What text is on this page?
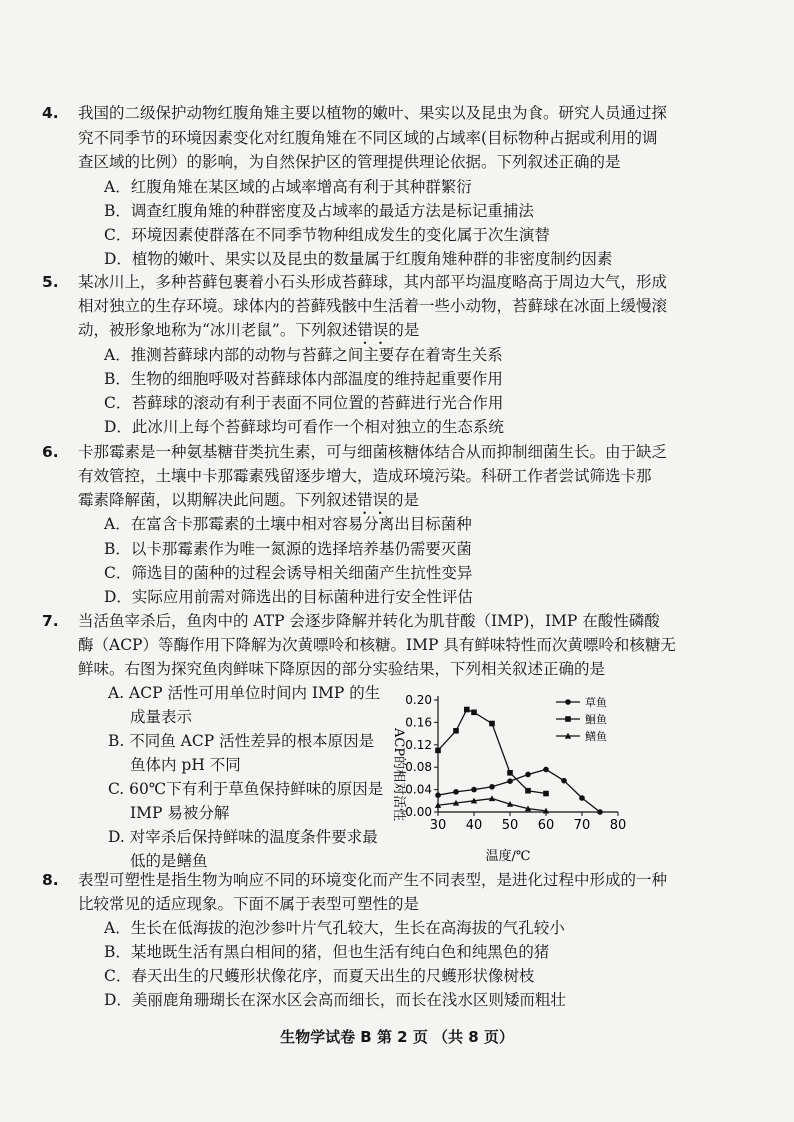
4. 我国的二级保护动物红腹角雉主要以植物的嫩叶、果实以及昆虫为食。研究人员通过探
究不同季节的环境因素变化对红腹角雉在不同区域的占域率(目标物种占据或利用的调
查区域的比例）的影响，为自然保护区的管理提供理论依据。下列叙述正确的是
A．红腹角雉在某区域的占域率增高有利于其种群繁衍
B．调查红腹角雉的种群密度及占域率的最适方法是标记重捕法
C．环境因素使群落在不同季节物种组成发生的变化属于次生演替
D．植物的嫩叶、果实以及昆虫的数量属于红腹角雉种群的非密度制约因素
5. 某冰川上，多种苔藓包裹着小石头形成苔藓球，其内部平均温度略高于周边大气，形成
相对独立的生存环境。球体内的苔藓残骸中生活着一些小动物，苔藓球在冰面上缓慢滚
动，被形象地称为“冰川老鼠”。下列叙述错误的是
A．推测苔藓球内部的动物与苔藓之间主要存在着寄生关系
B．生物的细胞呼吸对苔藓球体内部温度的维持起重要作用
C．苔藓球的滚动有利于表面不同位置的苔藓进行光合作用
D．此冰川上每个苔藓球均可看作一个相对独立的生态系统
6. 卡那霉素是一种氨基糖苷类抗生素，可与细菌核糖体结合从而抑制细菌生长。由于缺乏
有效管控，土壤中卡那霉素残留逐步增大，造成环境污染。科研工作者尝试筛选卡那
霉素降解菌，以期解决此问题。下列叙述错误的是
A．在富含卡那霉素的土壤中相对容易分离出目标菌种
B．以卡那霉素作为唯一氮源的选择培养基仍需要灭菌
C．筛选目的菌种的过程会诱导相关细菌产生抗性变异
D．实际应用前需对筛选出的目标菌种进行安全性评估
7. 当活鱼宰杀后，鱼肉中的 ATP 会逐步降解并转化为肌苷酸（IMP)，IMP 在酸性磷酸
酶（ACP）等酶作用下降解为次黄嘌呤和核糖。IMP 具有鲜味特性而次黄嘌呤和核糖无
鲜味。右图为探究鱼肉鲜味下降原因的部分实验结果，下列相关叙述正确的是
A. ACP 活性可用单位时间内 IMP 的生
成量表示
B. 不同鱼 ACP 活性差异的根本原因是
鱼体内 pH 不同
C. 60℃下有利于草鱼保持鲜味的原因是
IMP 易被分解
D. 对宰杀后保持鲜味的温度条件要求最
低的是鳝鱼
30 40 50 60 70 80
0.00
0.04
0.08
0.12
0.16
0.20	草鱼
鮰鱼
鳝鱼
ACP的相对活性
温度/℃
8. 表型可塑性是指生物为响应不同的环境变化而产生不同表型，是进化过程中形成的一种
比较常见的适应现象。下面不属于表型可塑性的是
A．生长在低海拔的泡沙参叶片气孔较大，生长在高海拔的气孔较小
B．某地既生活有黑白相间的猪，但也生活有纯白色和纯黑色的猪
C．春天出生的尺蠖形状像花序，而夏天出生的尺蠖形状像树枝
D．美丽鹿角珊瑚长在深水区会高而细长，而长在浅水区则矮而粗壮
生物学试卷 B 第 2 页 （共 8 页）
